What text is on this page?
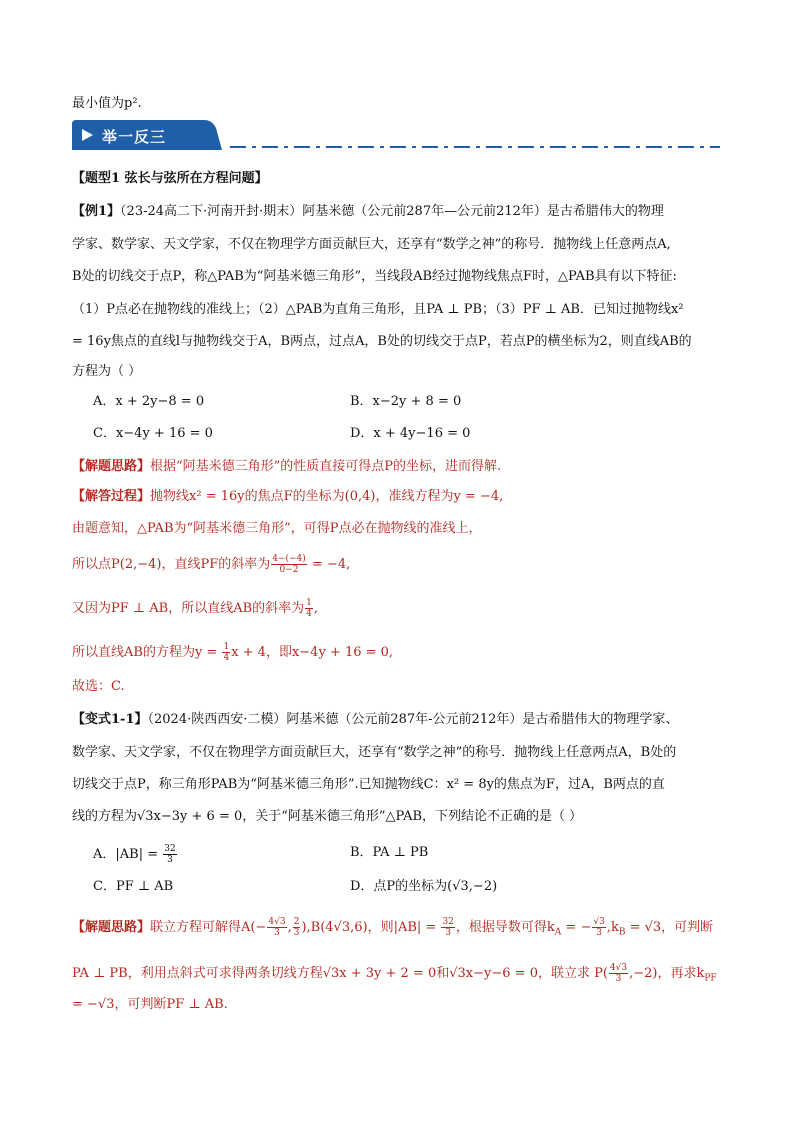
最小值为p².
举一反三
【题型1 弦长与弦所在方程问题】
【例1】（23-24高二下·河南开封·期末）阿基米德（公元前287年—公元前212年）是古希腊伟大的物理
学家、数学家、天文学家，不仅在物理学方面贡献巨大，还享有“数学之神”的称号．抛物线上任意两点A,
B处的切线交于点P，称△PAB为“阿基米德三角形”，当线段AB经过抛物线焦点F时，△PAB具有以下特征:
（1）P点必在抛物线的准线上；（2）△PAB为直角三角形，且PA ⊥ PB；（3）PF ⊥ AB．已知过抛物线x²
= 16y焦点的直线l与抛物线交于A，B两点，过点A，B处的切线交于点P，若点P的横坐标为2，则直线AB的
方程为（ ）
A．x + 2y−8 = 0	B．x−2y + 8 = 0
C．x−4y + 16 = 0	D．x + 4y−16 = 0
【解题思路】根据“阿基米德三角形”的性质直接可得点P的坐标，进而得解.
【解答过程】抛物线x² = 16y的焦点F的坐标为(0,4)，准线方程为y = −4,
由题意知，△PAB为“阿基米德三角形”，可得P点必在抛物线的准线上，
所以点P(2,−4)，直线PF的斜率为 $\frac{4-(-4)}{0-2} = -4$,
又因为PF ⊥ AB，所以直线AB的斜率为 $\frac{1}{4}$ ,
所以直线AB的方程为$y = \frac{1}{4}$ x + 4，即x−4y + 16 = 0,
故选：C.
【变式1-1】（2024·陕西西安·二模）阿基米德（公元前287年-公元前212年）是古希腊伟大的物理学家、
数学家、天文学家，不仅在物理学方面贡献巨大，还享有“数学之神”的称号．抛物线上任意两点A，B处的
切线交于点P，称三角形PAB为“阿基米德三角形”.已知抛物线C：x² = 8y的焦点为F，过A，B两点的直
线的方程为√3x−3y + 6 = 0，关于“阿基米德三角形”△PAB，下列结论不正确的是（ ）
A．$|AB| = \frac{32}{3}$	B．PA ⊥ PB
C．PF ⊥ AB	D．点P的坐标为(√3,−2)
【解题思路】联立方程可解得$A(- \frac{4√3}{3}$ , $\frac{2}{3} ),B(4√3,6)$，则$|AB| = \frac{32}{3}$ ，根据导数可得$k_A$ = − $\frac{√3}{3} ,k_B = √3$，可判断
PA ⊥ PB，利用点斜式可求得两条切线方程√3x + 3y + 2 = 0和√3x−y−6 = 0，联立求 $P( \frac{4√3}{3} ,-2)$，再求$k_{PF}$
= −√3，可判断PF ⊥ AB.
